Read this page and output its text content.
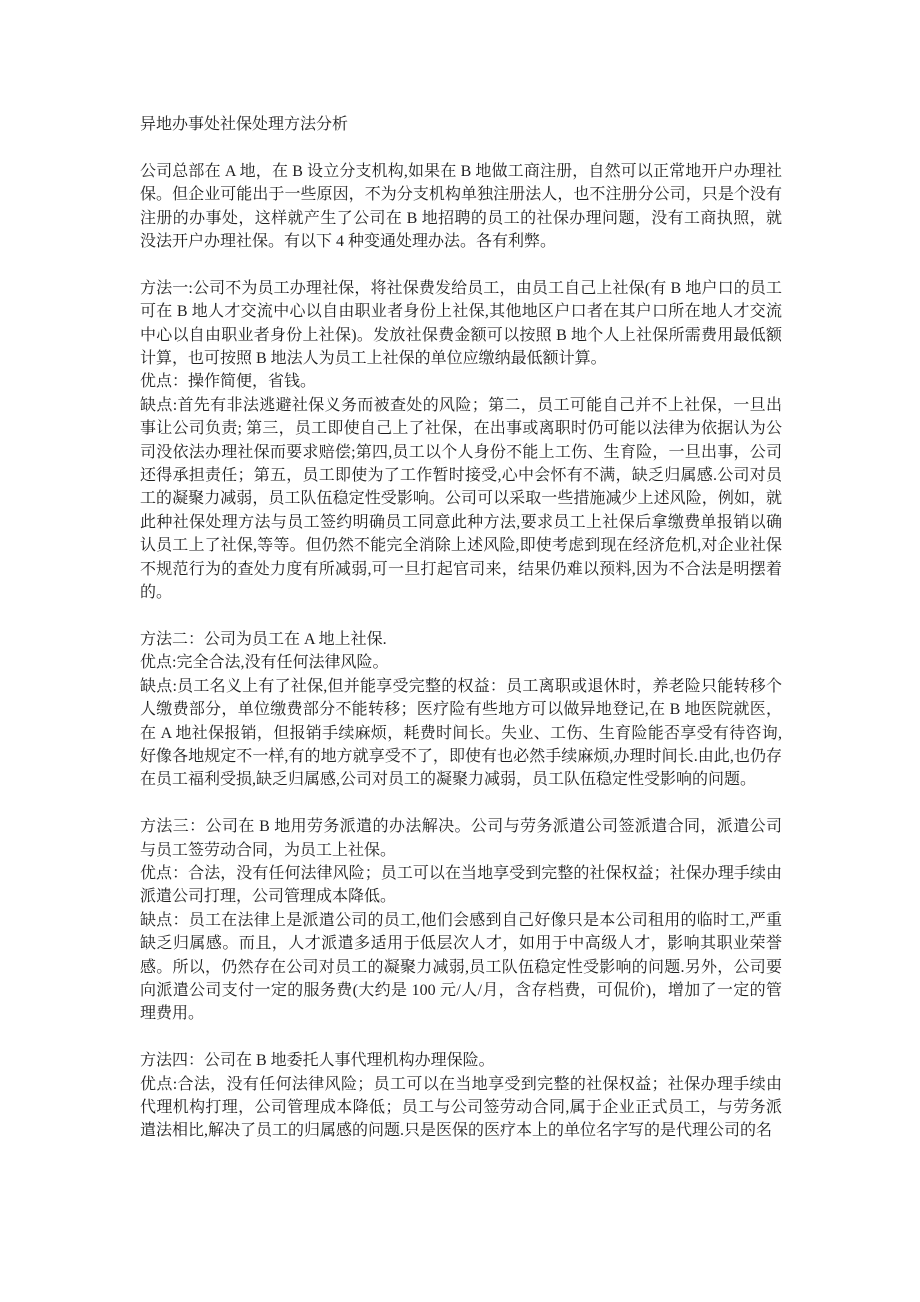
异地办事处社保处理方法分析

公司总部在 A 地，在 B 设立分支机构,如果在 B 地做工商注册，自然可以正常地开户办理社保。但企业可能出于一些原因，不为分支机构单独注册法人，也不注册分公司，只是个没有注册的办事处，这样就产生了公司在 B 地招聘的员工的社保办理问题，没有工商执照，就没法开户办理社保。有以下 4 种变通处理办法。各有利弊。

方法一:公司不为员工办理社保，将社保费发给员工，由员工自己上社保(有 B 地户口的员工可在 B 地人才交流中心以自由职业者身份上社保,其他地区户口者在其户口所在地人才交流中心以自由职业者身份上社保)。发放社保费金额可以按照 B 地个人上社保所需费用最低额计算，也可按照 B 地法人为员工上社保的单位应缴纳最低额计算。

优点：操作简便，省钱。

缺点:首先有非法逃避社保义务而被查处的风险；第二，员工可能自己并不上社保，一旦出事让公司负责; 第三，员工即使自己上了社保，在出事或离职时仍可能以法律为依据认为公司没依法办理社保而要求赔偿;第四,员工以个人身份不能上工伤、生育险，一旦出事，公司还得承担责任；第五，员工即使为了工作暂时接受,心中会怀有不满，缺乏归属感.公司对员工的凝聚力减弱，员工队伍稳定性受影响。公司可以采取一些措施减少上述风险，例如，就此种社保处理方法与员工签约明确员工同意此种方法,要求员工上社保后拿缴费单报销以确认员工上了社保,等等。但仍然不能完全消除上述风险,即使考虑到现在经济危机,对企业社保不规范行为的查处力度有所减弱,可一旦打起官司来，结果仍难以预料,因为不合法是明摆着的。

方法二：公司为员工在 A 地上社保.

优点:完全合法,没有任何法律风险。

缺点:员工名义上有了社保,但并能享受完整的权益：员工离职或退休时，养老险只能转移个人缴费部分，单位缴费部分不能转移；医疗险有些地方可以做异地登记,在 B 地医院就医，在 A 地社保报销，但报销手续麻烦，耗费时间长。失业、工伤、生育险能否享受有待咨询,好像各地规定不一样,有的地方就享受不了，即使有也必然手续麻烦,办理时间长.由此,也仍存在员工福利受损,缺乏归属感,公司对员工的凝聚力减弱，员工队伍稳定性受影响的问题。

方法三：公司在 B 地用劳务派遣的办法解决。公司与劳务派遣公司签派遣合同，派遣公司与员工签劳动合同，为员工上社保。

优点：合法，没有任何法律风险；员工可以在当地享受到完整的社保权益；社保办理手续由派遣公司打理，公司管理成本降低。

缺点：员工在法律上是派遣公司的员工,他们会感到自己好像只是本公司租用的临时工,严重缺乏归属感。而且，人才派遣多适用于低层次人才，如用于中高级人才，影响其职业荣誉感。所以，仍然存在公司对员工的凝聚力减弱,员工队伍稳定性受影响的问题.另外，公司要向派遣公司支付一定的服务费(大约是 100 元/人/月，含存档费，可侃价)，增加了一定的管理费用。

方法四：公司在 B 地委托人事代理机构办理保险。

优点:合法，没有任何法律风险；员工可以在当地享受到完整的社保权益；社保办理手续由代理机构打理，公司管理成本降低；员工与公司签劳动合同,属于企业正式员工，与劳务派遣法相比,解决了员工的归属感的问题.只是医保的医疗本上的单位名字写的是代理公司的名
